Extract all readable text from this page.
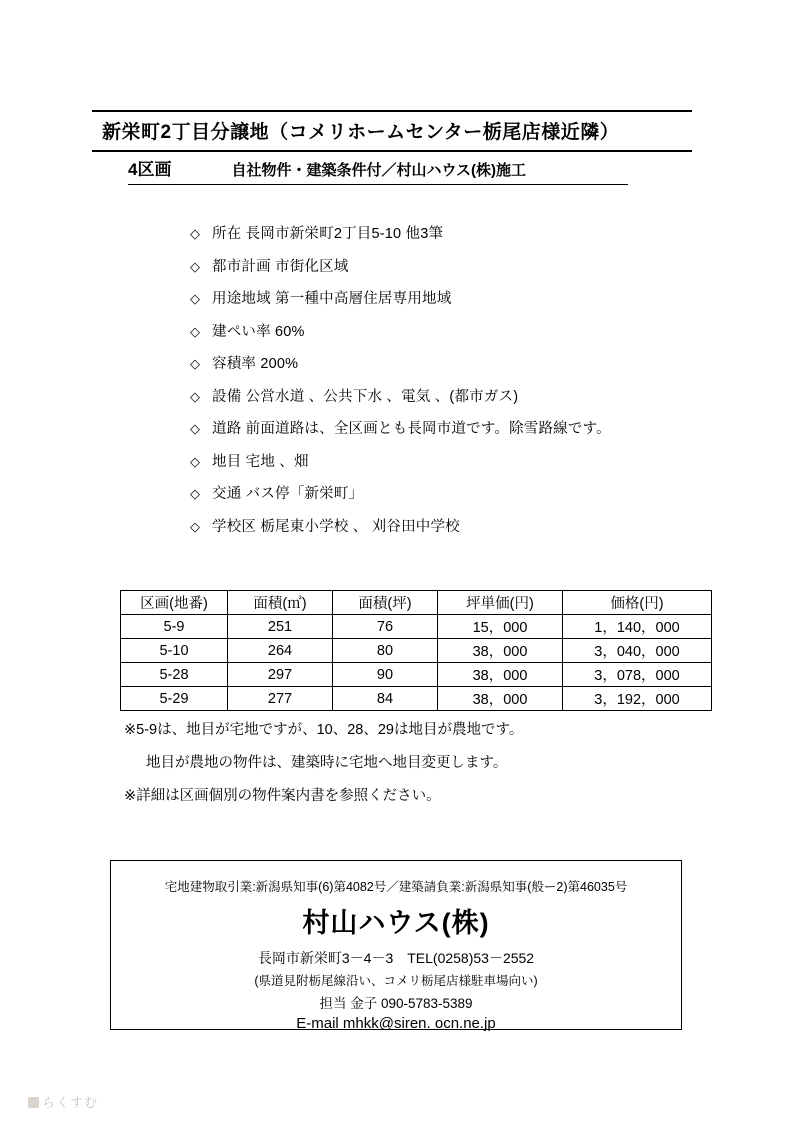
新栄町2丁目分譲地（コメリホームセンター栃尾店様近隣）
4区画	自社物件・建築条件付／村山ハウス(株)施工
◇ 所在 長岡市新栄町2丁目5-10 他3筆
◇ 都市計画 市街化区域
◇ 用途地域 第一種中高層住居専用地域
◇ 建ぺい率 60%
◇ 容積率 200%
◇ 設備 公営水道 、公共下水 、電気 、(都市ガス)
◇ 道路 前面道路は、全区画とも長岡市道です。除雪路線です。
◇ 地目 宅地 、畑
◇ 交通 バス停「新栄町」
◇ 学校区 栃尾東小学校 、 刈谷田中学校
区画(地番)	面積(㎡)	面積(坪)	坪単価(円)	価格(円)
5-9	251	76	15，000	1，140，000
5-10	264	80	38，000	3，040，000
5-28	297	90	38，000	3，078，000
5-29	277	84	38，000	3，192，000
※5-9は、地目が宅地ですが、10、28、29は地目が農地です。
地目が農地の物件は、建築時に宅地へ地目変更します。
※詳細は区画個別の物件案内書を参照ください。
宅地建物取引業:新潟県知事(6)第4082号／建築請負業:新潟県知事(般ー2)第46035号
村山ハウス(株)
長岡市新栄町3－4－3　TEL(0258)53－2552
(県道見附栃尾線沿い、コメリ栃尾店様駐車場向い)
担当 金子 090-5783-5389
E-mail mhkk@siren. ocn.ne.jp
らくすむ
